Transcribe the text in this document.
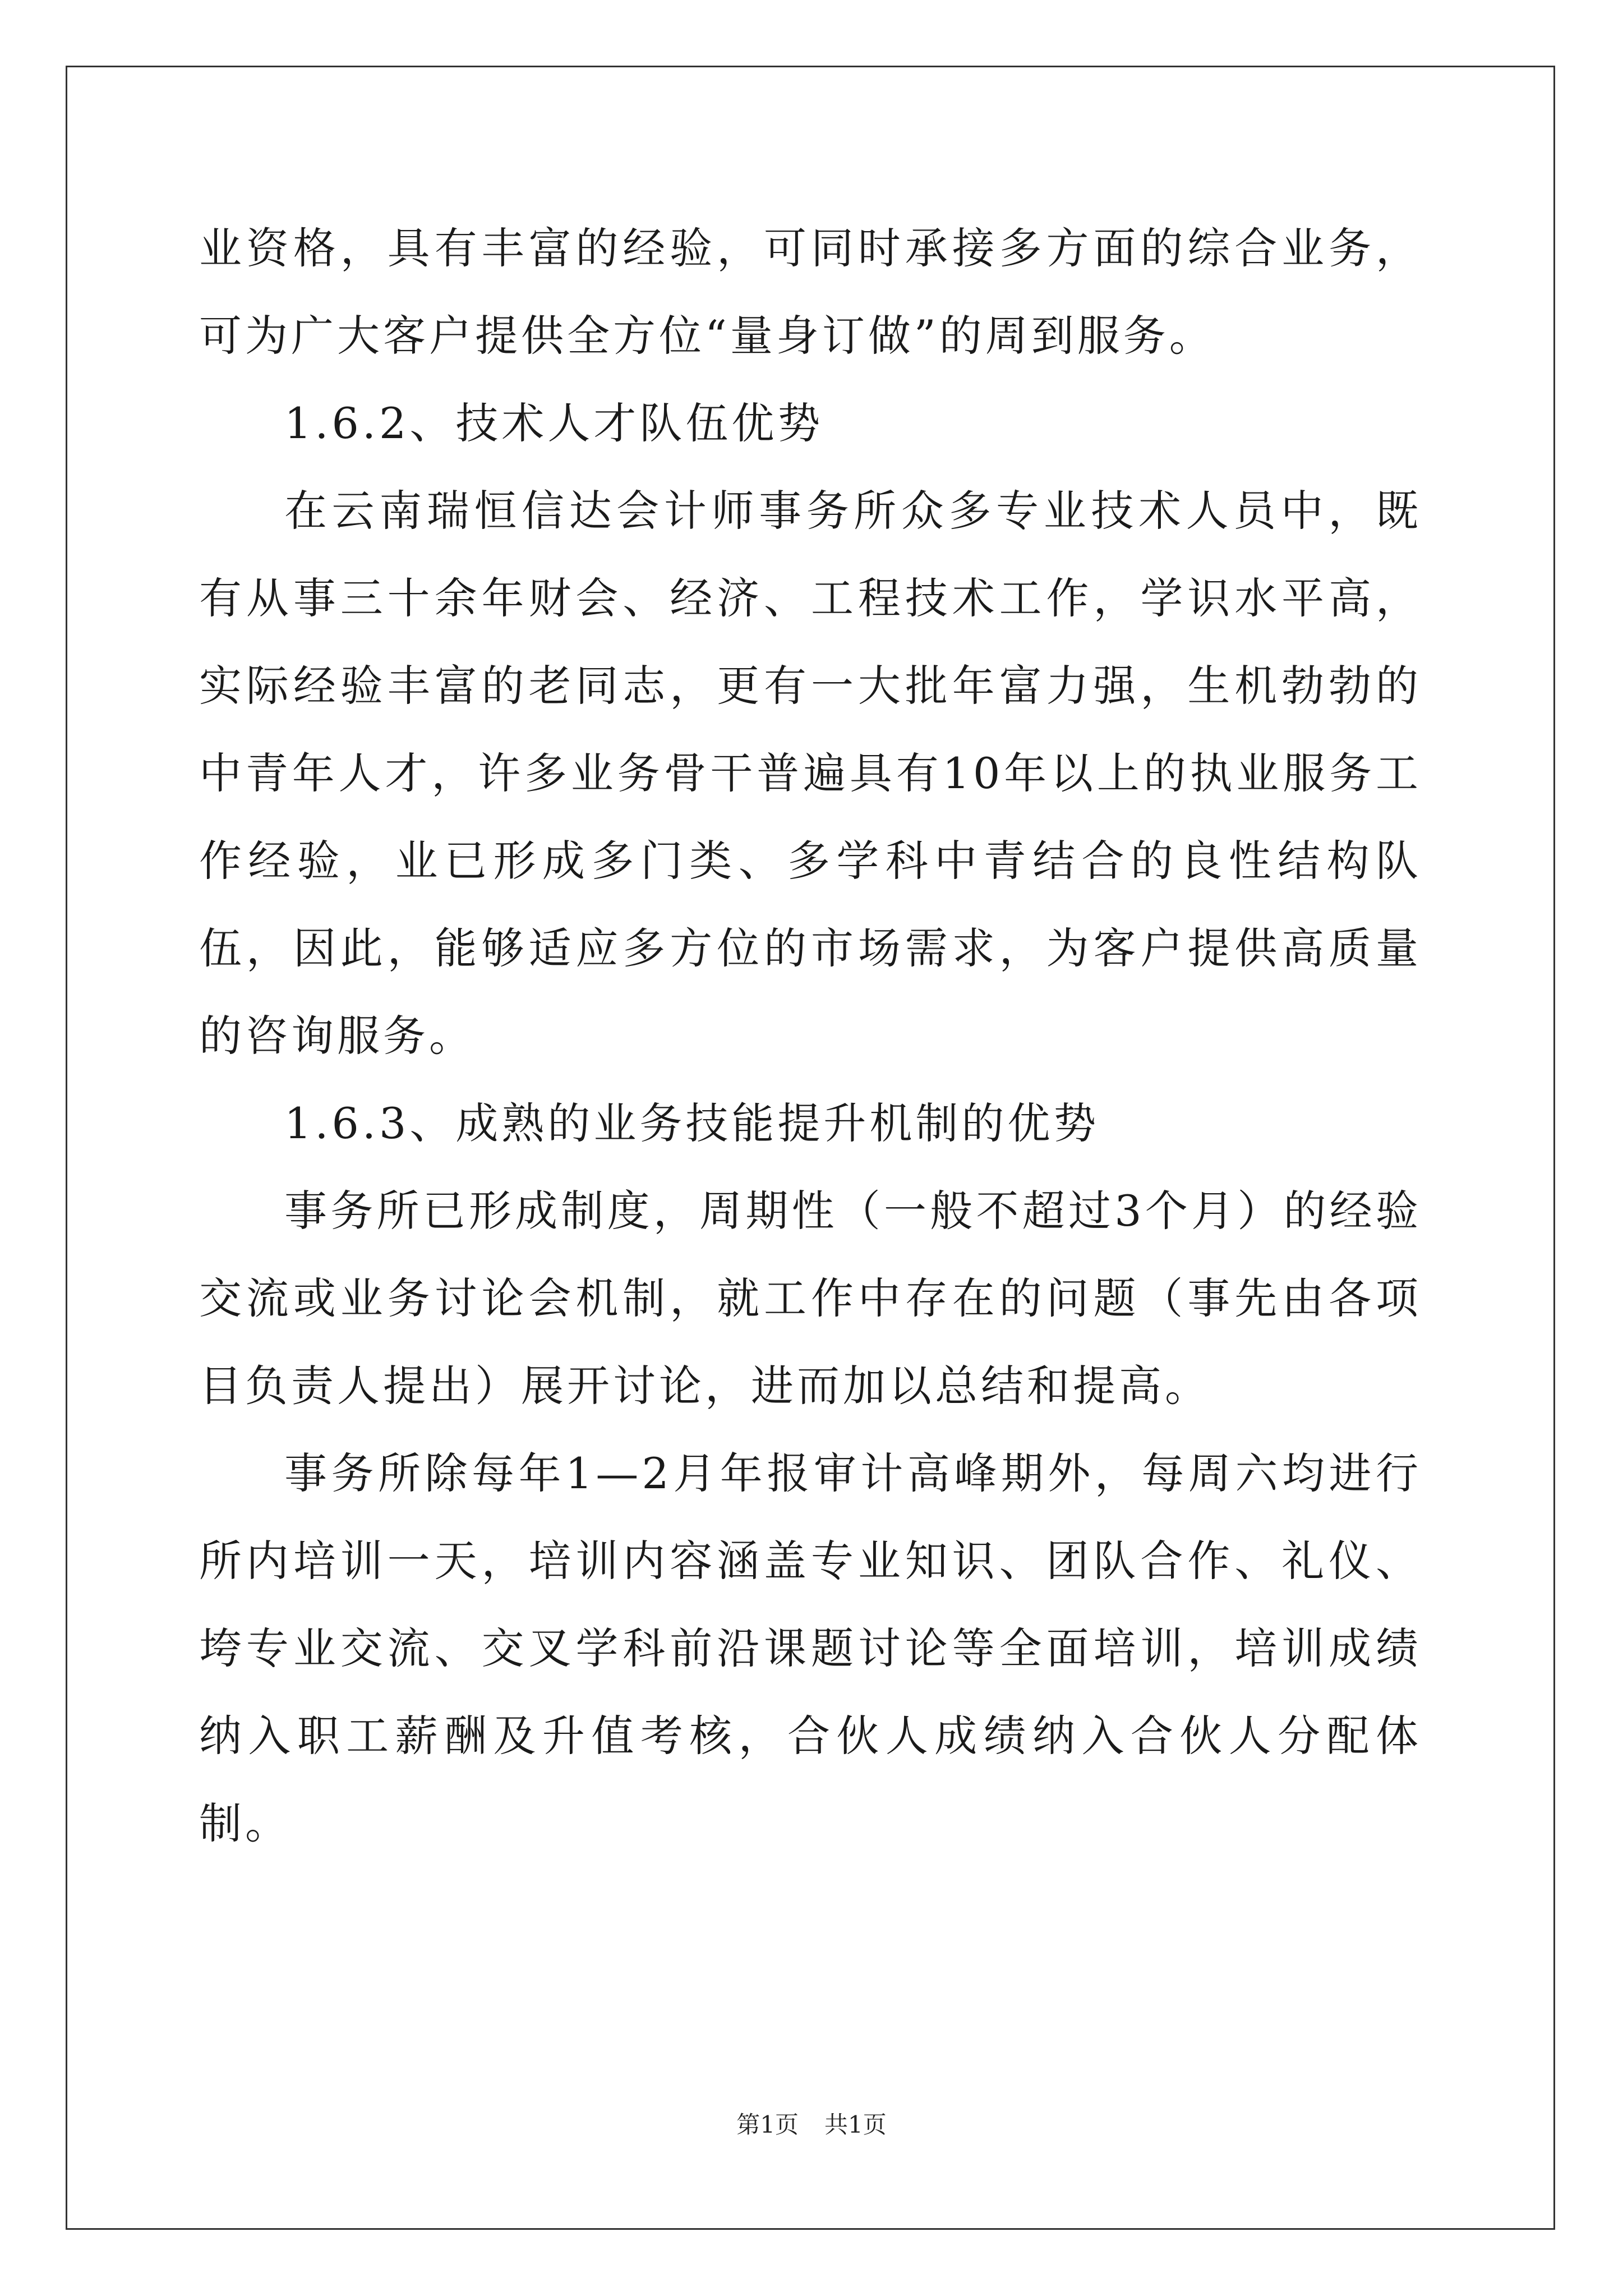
业资格，具有丰富的经验，可同时承接多方面的综合业务，可为广大客户提供全方位“量身订做”的周到服务。

1.6.2、技术人才队伍优势

在云南瑞恒信达会计师事务所众多专业技术人员中，既有从事三十余年财会、经济、工程技术工作，学识水平高，实际经验丰富的老同志，更有一大批年富力强，生机勃勃的中青年人才，许多业务骨干普遍具有10年以上的执业服务工作经验，业已形成多门类、多学科中青结合的良性结构队伍，因此，能够适应多方位的市场需求，为客户提供高质量的咨询服务。

1.6.3、成熟的业务技能提升机制的优势

事务所已形成制度，周期性（一般不超过3个月）的经验交流或业务讨论会机制，就工作中存在的问题（事先由各项目负责人提出）展开讨论，进而加以总结和提高。

事务所除每年1—2月年报审计高峰期外，每周六均进行所内培训一天，培训内容涵盖专业知识、团队合作、礼仪、垮专业交流、交叉学科前沿课题讨论等全面培训，培训成绩纳入职工薪酬及升值考核，合伙人成绩纳入合伙人分配体制。

第1页 共1页
